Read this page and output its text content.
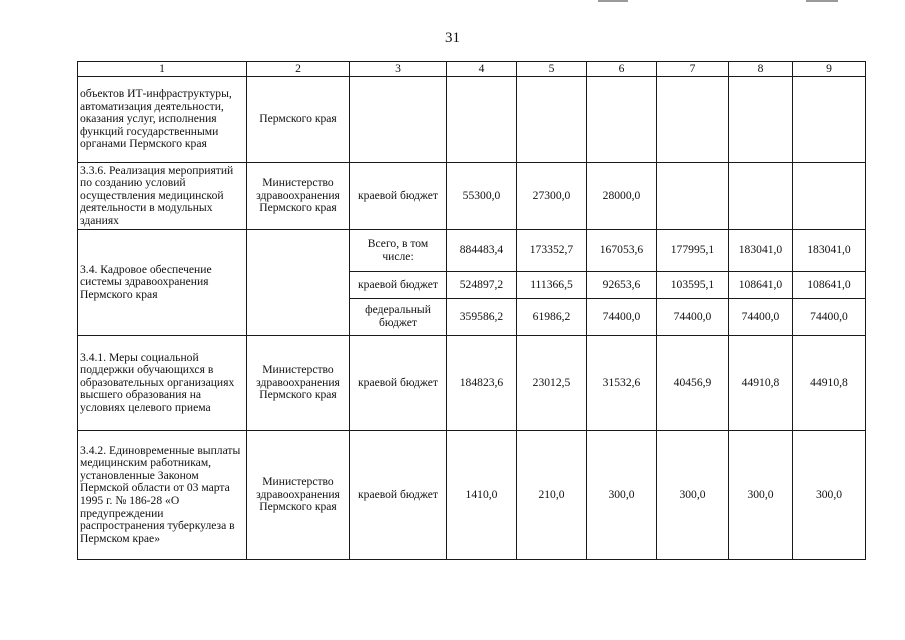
31
1	2	3	4	5	6	7	8	9
объектов ИТ-инфраструктуры, автоматизация деятельности, оказания услуг, исполнения функций государственными органами Пермского края	Пермского края							
3.3.6. Реализация мероприятий по созданию условий осуществления медицинской деятельности в модульных зданиях	Министерство здравоохранения Пермского края	краевой бюджет	55300,0	27300,0	28000,0			
3.4. Кадровое обеспечение системы здравоохранения Пермского края		Всего, в том числе:	884483,4	173352,7	167053,6	177995,1	183041,0	183041,0
		краевой бюджет	524897,2	111366,5	92653,6	103595,1	108641,0	108641,0
		федеральный бюджет	359586,2	61986,2	74400,0	74400,0	74400,0	74400,0
3.4.1. Меры социальной поддержки обучающихся в образовательных организациях высшего образования на условиях целевого приема	Министерство здравоохранения Пермского края	краевой бюджет	184823,6	23012,5	31532,6	40456,9	44910,8	44910,8
3.4.2. Единовременные выплаты медицинским работникам, установленные Законом Пермской области от 03 марта 1995 г. № 186-28 «О предупреждении распространения туберкулеза в Пермском крае»	Министерство здравоохранения Пермского края	краевой бюджет	1410,0	210,0	300,0	300,0	300,0	300,0
